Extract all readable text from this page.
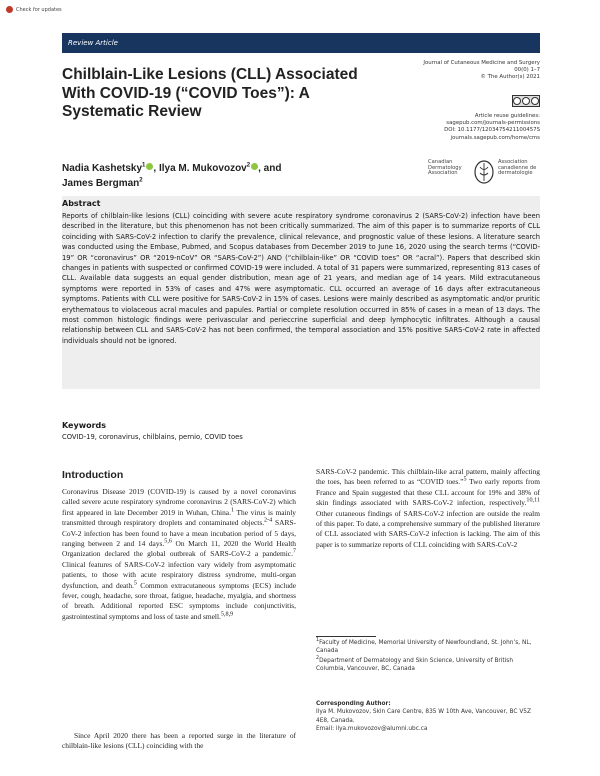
Check for updates
Review Article
Chilblain-Like Lesions (CLL) Associated With COVID-19 (“COVID Toes”): A Systematic Review
Journal of Cutaneous Medicine and Surgery
00(0) 1–7
© The Author(s) 2021
Article reuse guidelines:
sagepub.com/journals-permissions
DOI: 10.1177/1203475421100457S
journals.sagepub.com/home/cms
Nadia Kashetsky$^1$ , Ilya M. Mukovozov$^2$ , and
James Bergman$^2$
Canadian
Dermatology
Association
Association
canadienne de
dermatologie
Abstract

Reports of chilblain-like lesions (CLL) coinciding with severe acute respiratory syndrome coronavirus 2 (SARS-CoV-2) infection have been described in the literature, but this phenomenon has not been critically summarized. The aim of this paper is to summarize reports of CLL coinciding with SARS-CoV-2 infection to clarify the prevalence, clinical relevance, and prognostic value of these lesions. A literature search was conducted using the Embase, Pubmed, and Scopus databases from December 2019 to June 16, 2020 using the search terms (“COVID-19” OR “coronavirus” OR “2019-nCoV” OR “SARS-CoV-2”) AND (“chilblain-like” OR “COVID toes” OR “acral”). Papers that described skin changes in patients with suspected or confirmed COVID-19 were included. A total of 31 papers were summarized, representing 813 cases of CLL. Available data suggests an equal gender distribution, mean age of 21 years, and median age of 14 years. Mild extracutaneous symptoms were reported in 53% of cases and 47% were asymptomatic. CLL occurred an average of 16 days after extracutaneous symptoms. Patients with CLL were positive for SARS-CoV-2 in 15% of cases. Lesions were mainly described as asymptomatic and/or pruritic erythematous to violaceous acral macules and papules. Partial or complete resolution occurred in 85% of cases in a mean of 13 days. The most common histologic findings were perivascular and perieccrine superficial and deep lymphocytic infiltrates. Although a causal relationship between CLL and SARS-CoV-2 has not been confirmed, the temporal association and 15% positive SARS-CoV-2 rate in affected individuals should not be ignored.

Keywords
COVID-19, coronavirus, chilblains, pernio, COVID toes
Introduction

Coronavirus Disease 2019 (COVID-19) is caused by a novel coronavirus called severe acute respiratory syndrome coronavirus 2 (SARS-CoV-2) which first appeared in late December 2019 in Wuhan, China.$^1$ The virus is mainly transmitted through respiratory droplets and contaminated objects.$^{2-4}$ SARS-CoV-2 infection has been found to have a mean incubation period of 5 days, ranging between 2 and 14 days.$^{5,6}$ On March 11, 2020 the World Health Organization declared the global outbreak of SARS-CoV-2 a pandemic.$^7$ Clinical features of SARS-CoV-2 infection vary widely from asymptomatic patients, to those with acute respiratory distress syndrome, multi-organ dysfunction, and death.$^5$ Common extracutaneous symptoms (ECS) include fever, cough, headache, sore throat, fatigue, headache, myalgia, and shortness of breath. Additional reported ESC symptoms include conjunctivitis, gastrointestinal symptoms and loss of taste and smell.$^{5,8,9}$

Since April 2020 there has been a reported surge in the literature of chilblain-like lesions (CLL) coinciding with the

SARS-CoV-2 pandemic. This chilblain-like acral pattern, mainly affecting the toes, has been referred to as “COVID toes.”$^5$ Two early reports from France and Spain suggested that these CLL account for 19% and 38% of skin findings associated with SARS-CoV-2 infection, respectively.$^{10,11}$ Other cutaneous findings of SARS-CoV-2 infection are outside the realm of this paper. To date, a comprehensive summary of the published literature of CLL associated with SARS-CoV-2 infection is lacking. The aim of this paper is to summarize reports of CLL coinciding with SARS-CoV-2

$^1$Faculty of Medicine, Memorial University of Newfoundland, St. John’s, NL, Canada

$^2$Department of Dermatology and Skin Science, University of British Columbia, Vancouver, BC, Canada

Corresponding Author:
Ilya M. Mukovozov, Skin Care Centre, 835 W 10th Ave, Vancouver, BC V5Z 4E8, Canada.
Email: ilya.mukovozov@alumni.ubc.ca
